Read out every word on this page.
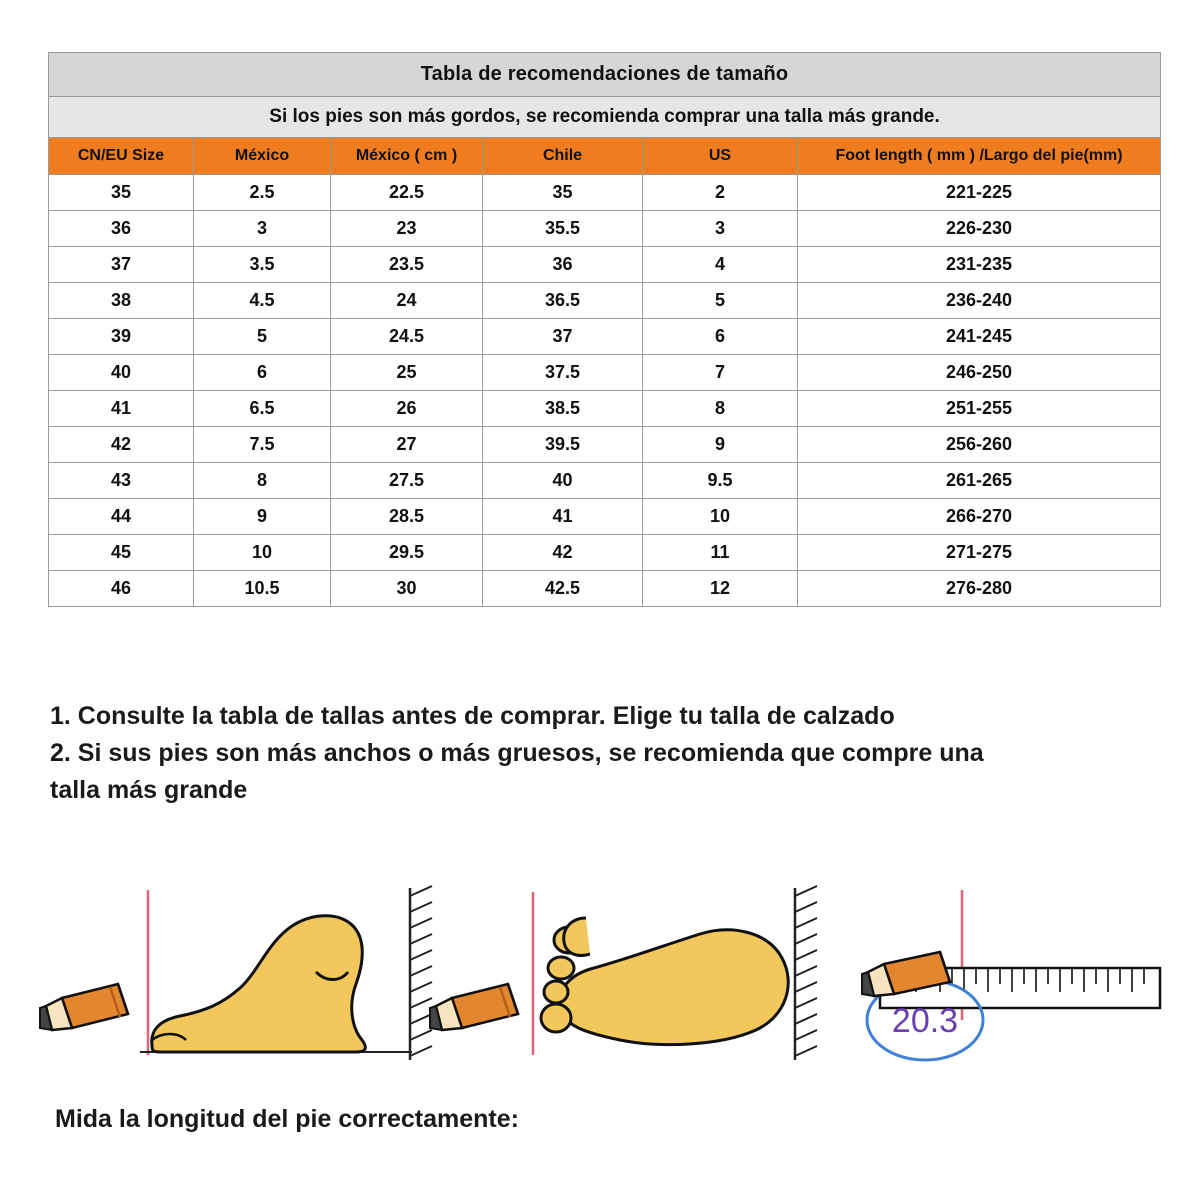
Tabla de recomendaciones de tamaño					
Si los pies son más gordos, se recomienda comprar una talla más grande.					
CN/EU Size	México	México ( cm )	Chile	US	Foot length ( mm ) /Largo del pie(mm)
35	2.5	22.5	35	2	221-225
36	3	23	35.5	3	226-230
37	3.5	23.5	36	4	231-235
38	4.5	24	36.5	5	236-240
39	5	24.5	37	6	241-245
40	6	25	37.5	7	246-250
41	6.5	26	38.5	8	251-255
42	7.5	27	39.5	9	256-260
43	8	27.5	40	9.5	261-265
44	9	28.5	41	10	266-270
45	10	29.5	42	11	271-275
46	10.5	30	42.5	12	276-280
1. Consulte la tabla de tallas antes de comprar. Elige tu talla de calzado
2. Si sus pies son más anchos o más gruesos, se recomienda que compre una
talla más grande
20.3
Mida la longitud del pie correctamente:
